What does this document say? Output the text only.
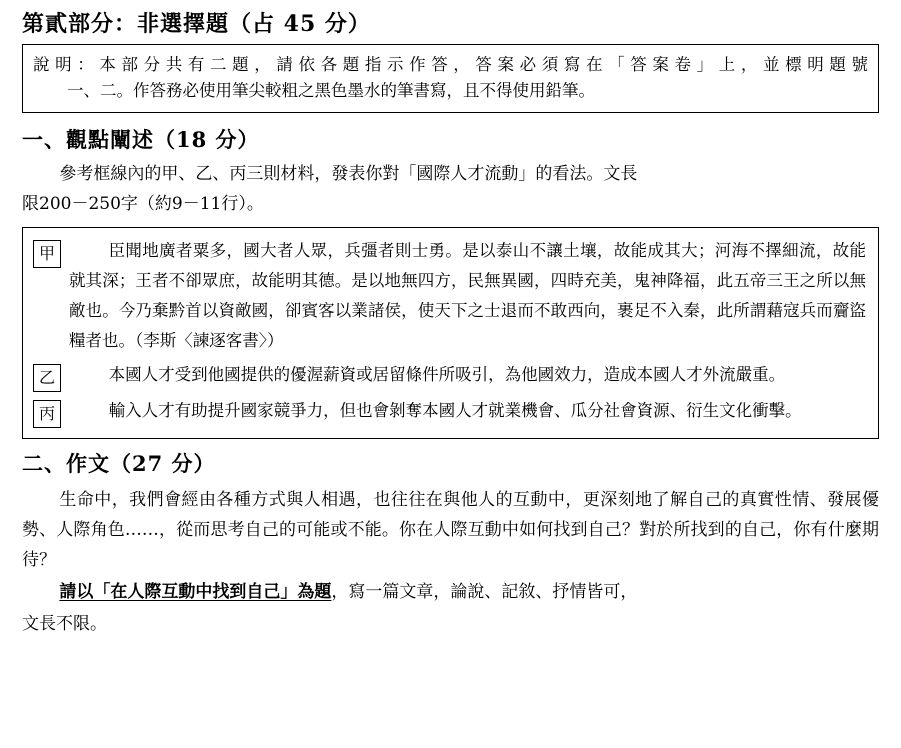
第貳部分：非選擇題（占 45 分）
說明：本部分共有二題，請依各題指示作答，答案必須寫在「答案卷」上，並標明題號
一、二。作答務必使用筆尖較粗之黑色墨水的筆書寫，且不得使用鉛筆。
一、觀點闡述（18 分）
參考框線內的甲、乙、丙三則材料，發表你對「國際人才流動」的看法。文長
限200－250字（約9－11行）。
甲	臣聞地廣者粟多，國大者人眾，兵彊者則士勇。是以泰山不讓土壤，故能成其大；河海不擇細流，故能就其深；王者不卻眾庶，故能明其德。是以地無四方，民無異國，四時充美，鬼神降福，此五帝三王之所以無敵也。今乃棄黔首以資敵國，卻賓客以業諸侯，使天下之士退而不敢西向，裹足不入秦，此所謂藉寇兵而齎盜糧者也。（李斯〈諫逐客書〉）
乙	本國人才受到他國提供的優渥薪資或居留條件所吸引，為他國效力，造成本國人才外流嚴重。
丙	輸入人才有助提升國家競爭力，但也會剝奪本國人才就業機會、瓜分社會資源、衍生文化衝擊。
二、作文（27 分）
生命中，我們會經由各種方式與人相遇，也往往在與他人的互動中，更深刻地了解自己的真實性情、發展優勢、人際角色……，從而思考自己的可能或不能。你在人際互動中如何找到自己？對於所找到的自己，你有什麼期待？
請以「在人際互動中找到自己」為題，寫一篇文章，論說、記敘、抒情皆可，
文長不限。
